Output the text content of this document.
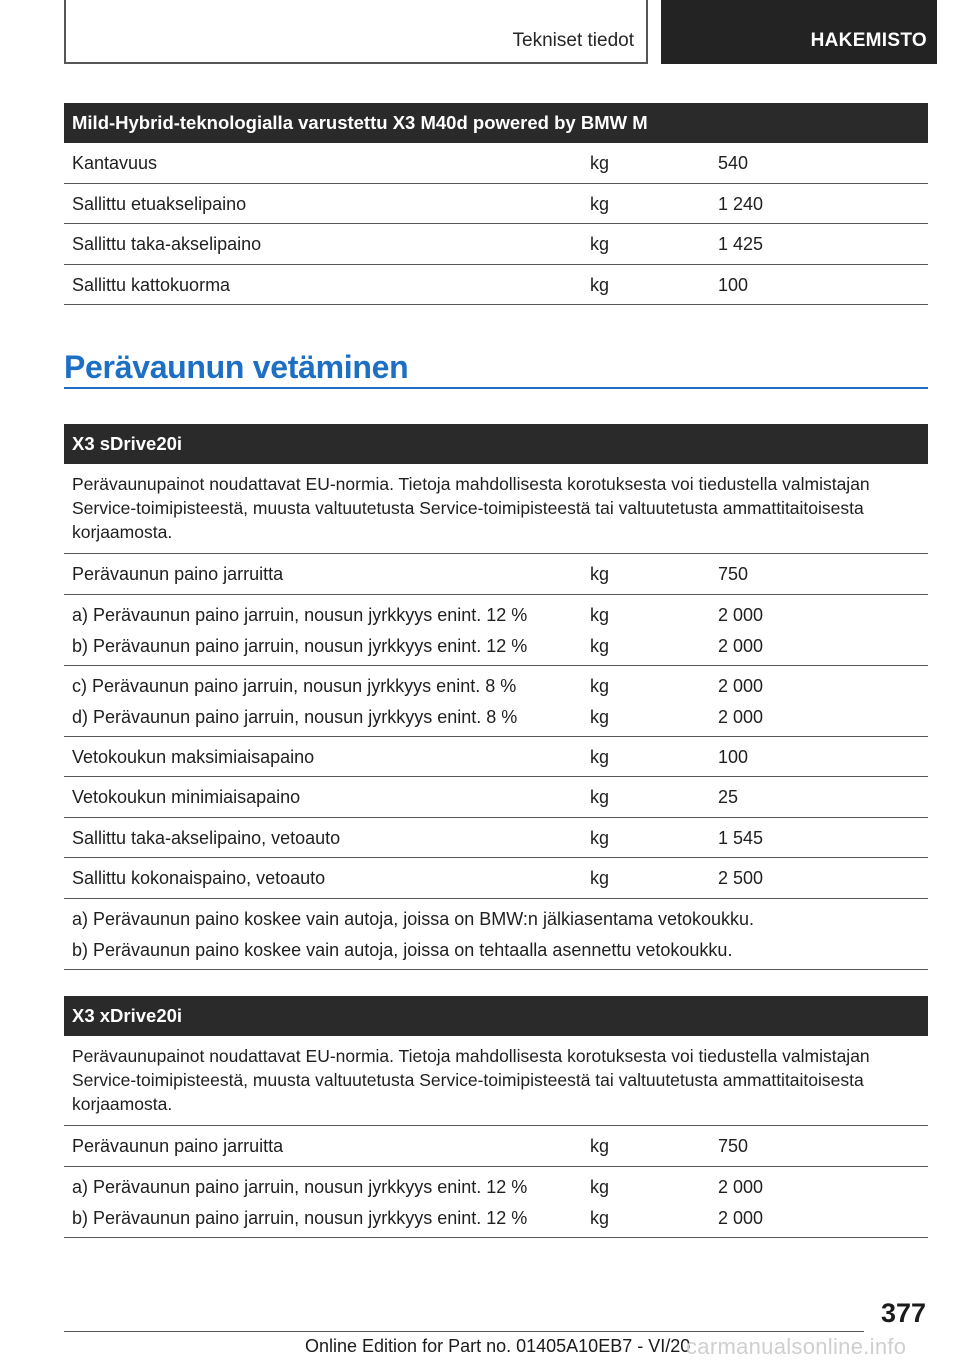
Tekniset tiedot	HAKEMISTO
Mild-Hybrid-teknologialla varustettu X3 M40d powered by BMW M
Kantavuus	kg	540
Sallittu etuakselipaino	kg	1 240
Sallittu taka-akselipaino	kg	1 425
Sallittu kattokuorma	kg	100
Perävaunun vetäminen
X3 sDrive20i
Perävaunupainot noudattavat EU-normia. Tietoja mahdollisesta korotuksesta voi tiedustella valmistajan Service-toimipisteestä, muusta valtuutetusta Service-toimipisteestä tai valtuutetusta ammattitaitoisesta korjaamosta.
Perävaunun paino jarruitta	kg	750
a) Perävaunun paino jarruin, nousun jyrkkyys enint. 12 %	kg	2 000
b) Perävaunun paino jarruin, nousun jyrkkyys enint. 12 %	kg	2 000
c) Perävaunun paino jarruin, nousun jyrkkyys enint. 8 %	kg	2 000
d) Perävaunun paino jarruin, nousun jyrkkyys enint. 8 %	kg	2 000
Vetokoukun maksimiaisapaino	kg	100
Vetokoukun minimiaisapaino	kg	25
Sallittu taka-akselipaino, vetoauto	kg	1 545
Sallittu kokonaispaino, vetoauto	kg	2 500
a) Perävaunun paino koskee vain autoja, joissa on BMW:n jälkiasentama vetokoukku.
b) Perävaunun paino koskee vain autoja, joissa on tehtaalla asennettu vetokoukku.
X3 xDrive20i
Perävaunupainot noudattavat EU-normia. Tietoja mahdollisesta korotuksesta voi tiedustella valmistajan Service-toimipisteestä, muusta valtuutetusta Service-toimipisteestä tai valtuutetusta ammattitaitoisesta korjaamosta.
Perävaunun paino jarruitta	kg	750
a) Perävaunun paino jarruin, nousun jyrkkyys enint. 12 %	kg	2 000
b) Perävaunun paino jarruin, nousun jyrkkyys enint. 12 %	kg	2 000
377
Online Edition for Part no. 01405A10EB7 - VI/20
carmanualsonline.info
